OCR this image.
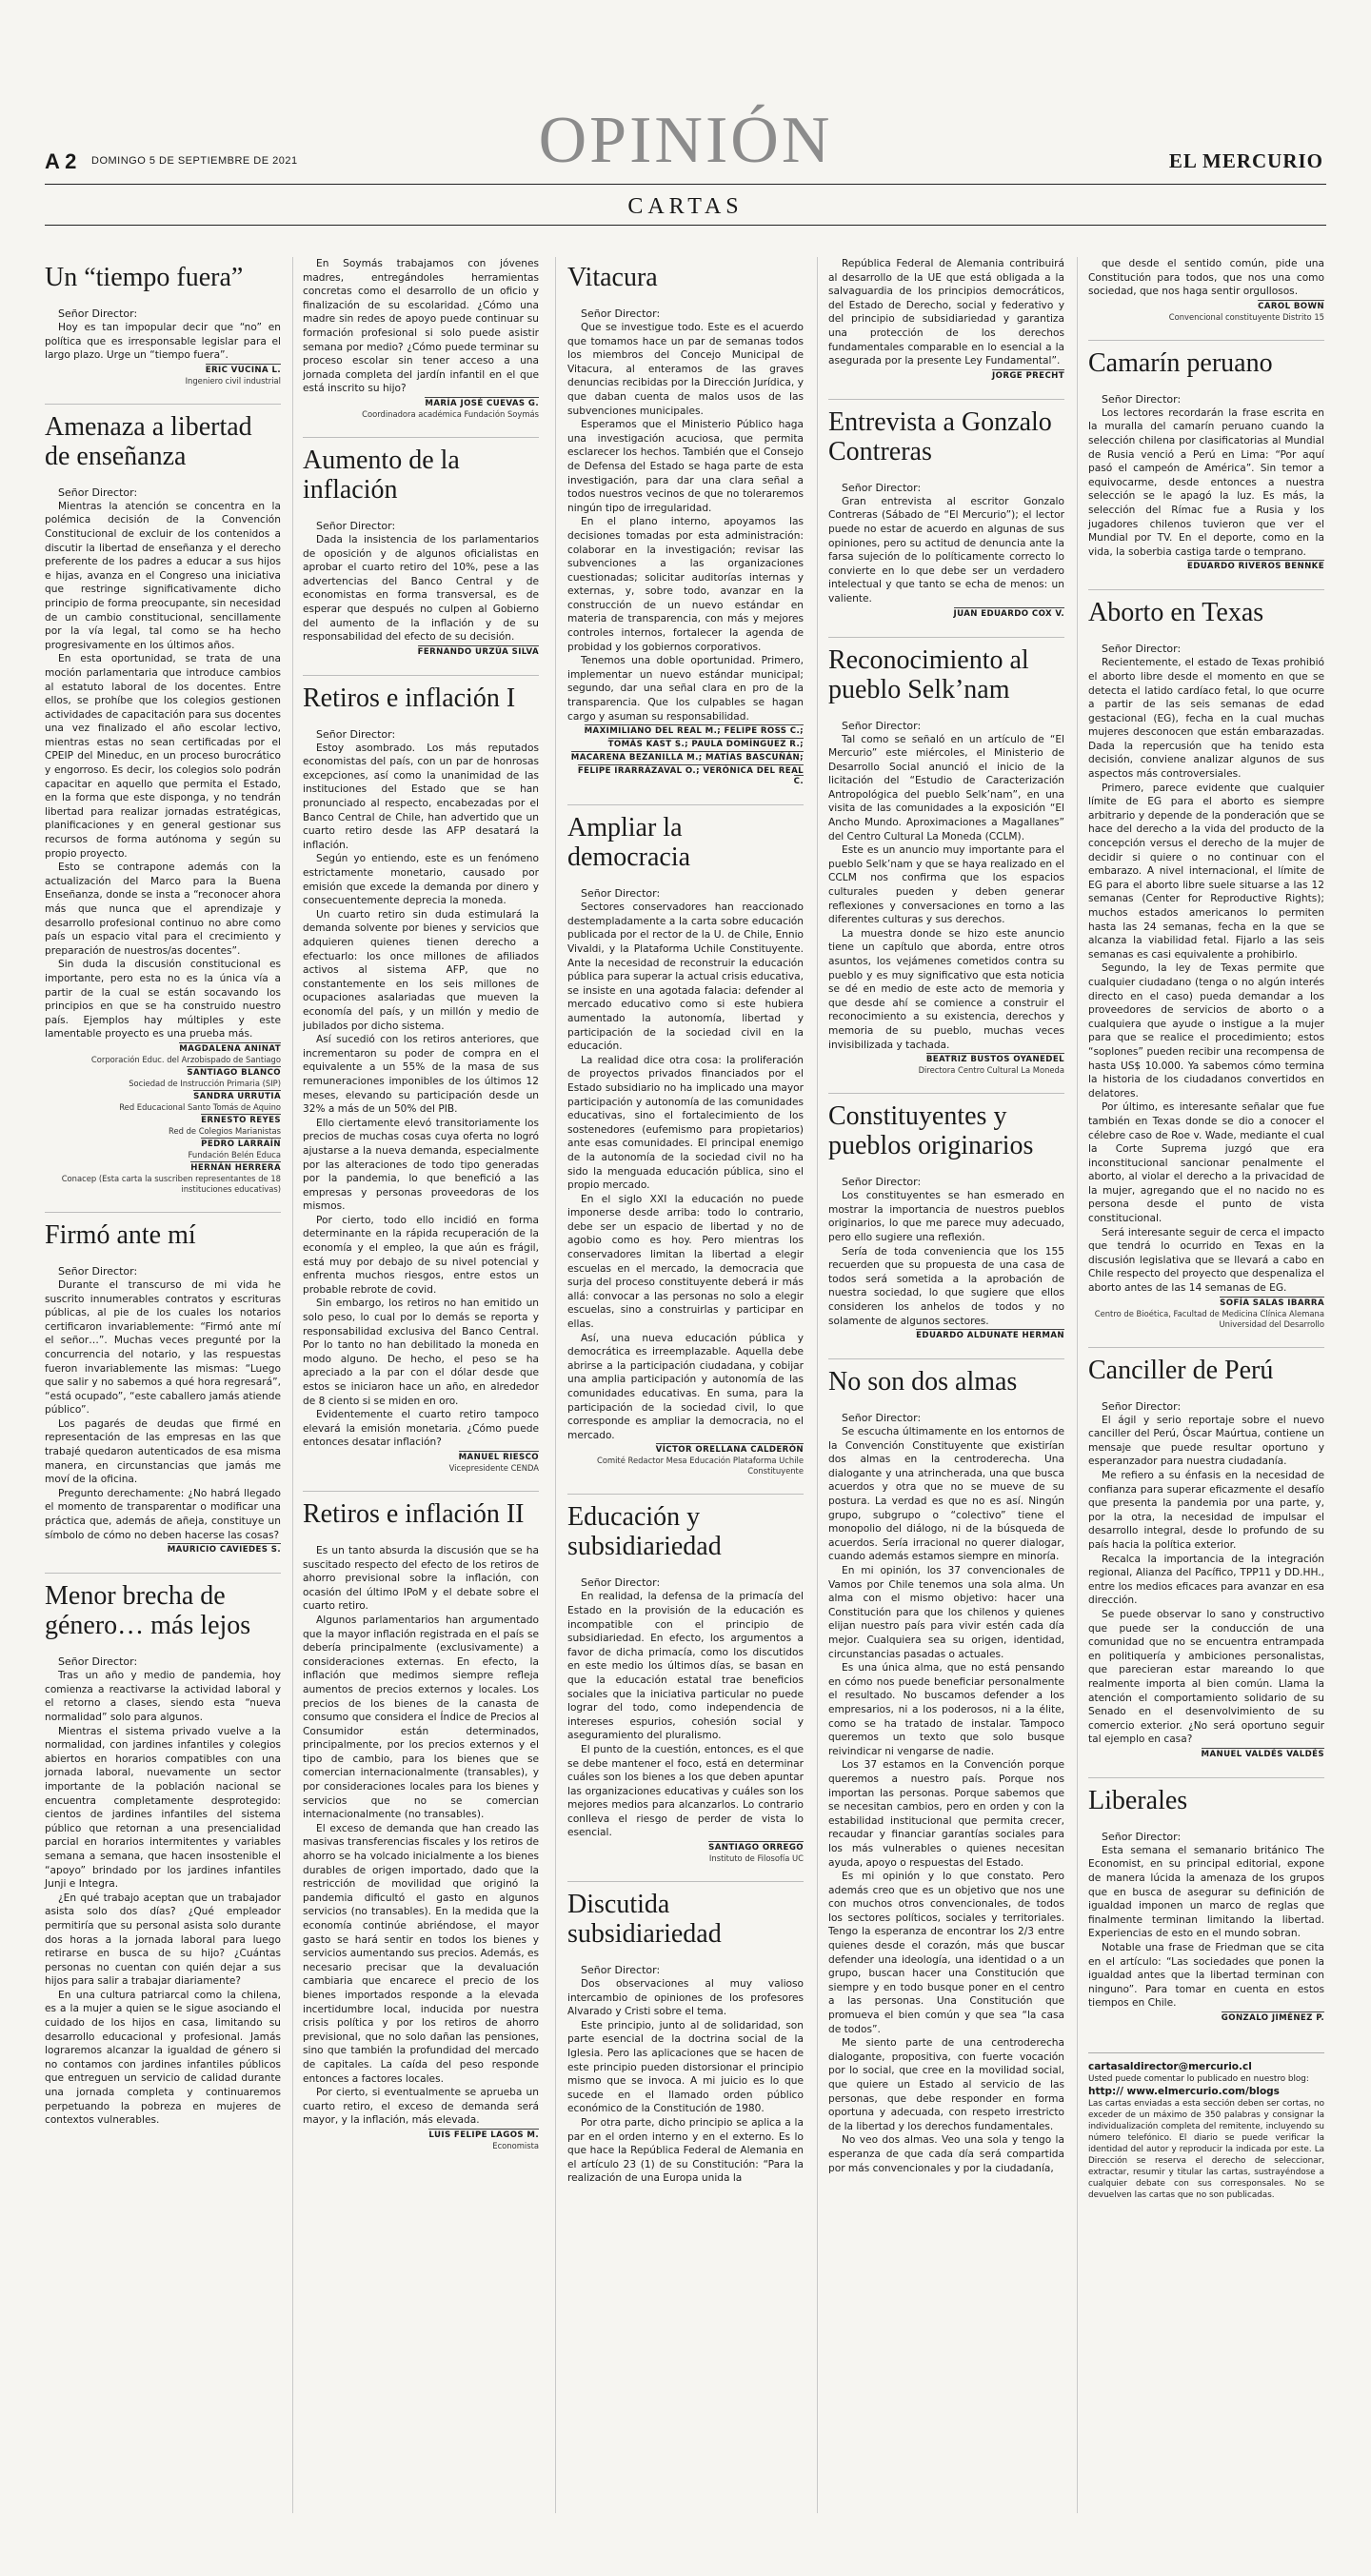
OPINIÓN
A 2 DOMINGO 5 DE SEPTIEMBRE DE 2021	EL MERCURIO
CARTAS
Un “tiempo fuera”
Señor Director:

Hoy es tan impopular decir que “no” en política que es irresponsable legislar para el largo plazo. Urge un “tiempo fuera”.

ERIC VUCINA L.
Ingeniero civil industrial
Amenaza a libertad de enseñanza
Señor Director:

Mientras la atención se concentra en la polémica decisión de la Convención Constitucional de excluir de los contenidos a discutir la libertad de enseñanza y el derecho preferente de los padres a educar a sus hijos e hijas, avanza en el Congreso una iniciativa que restringe significativamente dicho principio de forma preocupante, sin necesidad de un cambio constitucional, sencillamente por la vía legal, tal como se ha hecho progresivamente en los últimos años.

En esta oportunidad, se trata de una moción parlamentaria que introduce cambios al estatuto laboral de los docentes. Entre ellos, se prohíbe que los colegios gestionen actividades de capacitación para sus docentes una vez finalizado el año escolar lectivo, mientras estas no sean certificadas por el CPEIP del Mineduc, en un proceso burocrático y engorroso. Es decir, los colegios solo podrán capacitar en aquello que permita el Estado, en la forma que este disponga, y no tendrán libertad para realizar jornadas estratégicas, planificaciones y en general gestionar sus recursos de forma autónoma y según su propio proyecto.

Esto se contrapone además con la actualización del Marco para la Buena Enseñanza, donde se insta a “reconocer ahora más que nunca que el aprendizaje y desarrollo profesional continuo no abre como país un espacio vital para el crecimiento y preparación de nuestros/as docentes”.

Sin duda la discusión constitucional es importante, pero esta no es la única vía a partir de la cual se están socavando los principios en que se ha construido nuestro país. Ejemplos hay múltiples y este lamentable proyecto es una prueba más.

MAGDALENA ANINAT
Corporación Educ. del Arzobispado de Santiago
SANTIAGO BLANCO
Sociedad de Instrucción Primaria (SIP)
SANDRA URRUTIA
Red Educacional Santo Tomás de Aquino
ERNESTO REYES
Red de Colegios Marianistas
PEDRO LARRAÍN
Fundación Belén Educa
HERNÁN HERRERA
Conacep (Esta carta la suscriben representantes de 18 instituciones educativas)
Firmó ante mí
Señor Director:

Durante el transcurso de mi vida he suscrito innumerables contratos y escrituras públicas, al pie de los cuales los notarios certificaron invariablemente: “Firmó ante mí el señor…”. Muchas veces pregunté por la concurrencia del notario, y las respuestas fueron invariablemente las mismas: “Luego que salir y no sabemos a qué hora regresará”, “está ocupado”, “este caballero jamás atiende público”.

Los pagarés de deudas que firmé en representación de las empresas en las que trabajé quedaron autenticados de esa misma manera, en circunstancias que jamás me moví de la oficina.

Pregunto derechamente: ¿No habrá llegado el momento de transparentar o modificar una práctica que, además de añeja, constituye un símbolo de cómo no deben hacerse las cosas?

MAURICIO CAVIEDES S.
Menor brecha de género… más lejos
Señor Director:

Tras un año y medio de pandemia, hoy comienza a reactivarse la actividad laboral y el retorno a clases, siendo esta “nueva normalidad” solo para algunos.

Mientras el sistema privado vuelve a la normalidad, con jardines infantiles y colegios abiertos en horarios compatibles con una jornada laboral, nuevamente un sector importante de la población nacional se encuentra completamente desprotegido: cientos de jardines infantiles del sistema público que retornan a una presencialidad parcial en horarios intermitentes y variables semana a semana, que hacen insostenible el “apoyo” brindado por los jardines infantiles Junji e Integra.

¿En qué trabajo aceptan que un trabajador asista solo dos días? ¿Qué empleador permitiría que su personal asista solo durante dos horas a la jornada laboral para luego retirarse en busca de su hijo? ¿Cuántas personas no cuentan con quién dejar a sus hijos para salir a trabajar diariamente?

En una cultura patriarcal como la chilena, es a la mujer a quien se le sigue asociando el cuidado de los hijos en casa, limitando su desarrollo educacional y profesional. Jamás lograremos alcanzar la igualdad de género si no contamos con jardines infantiles públicos que entreguen un servicio de calidad durante una jornada completa y continuaremos perpetuando la pobreza en mujeres de contextos vulnerables.

En Soymás trabajamos con jóvenes madres, entregándoles herramientas concretas como el desarrollo de un oficio y finalización de su escolaridad. ¿Cómo una madre sin redes de apoyo puede continuar su formación profesional si solo puede asistir semana por medio? ¿Cómo puede terminar su proceso escolar sin tener acceso a una jornada completa del jardín infantil en el que está inscrito su hijo?

MARÍA JOSÉ CUEVAS G.
Coordinadora académica Fundación Soymás
Aumento de la inflación
Señor Director:

Dada la insistencia de los parlamentarios de oposición y de algunos oficialistas en aprobar el cuarto retiro del 10%, pese a las advertencias del Banco Central y de economistas en forma transversal, es de esperar que después no culpen al Gobierno del aumento de la inflación y de su responsabilidad del efecto de su decisión.

FERNANDO URZÚA SILVA
Retiros e inflación I
Señor Director:

Estoy asombrado. Los más reputados economistas del país, con un par de honrosas excepciones, así como la unanimidad de las instituciones del Estado que se han pronunciado al respecto, encabezadas por el Banco Central de Chile, han advertido que un cuarto retiro desde las AFP desatará la inflación.

Según yo entiendo, este es un fenómeno estrictamente monetario, causado por emisión que excede la demanda por dinero y consecuentemente deprecia la moneda.

Un cuarto retiro sin duda estimulará la demanda solvente por bienes y servicios que adquieren quienes tienen derecho a efectuarlo: los once millones de afiliados activos al sistema AFP, que no constantemente en los seis millones de ocupaciones asalariadas que mueven la economía del país, y un millón y medio de jubilados por dicho sistema.

Así sucedió con los retiros anteriores, que incrementaron su poder de compra en el equivalente a un 55% de la masa de sus remuneraciones imponibles de los últimos 12 meses, elevando su participación desde un 32% a más de un 50% del PIB.

Ello ciertamente elevó transitoriamente los precios de muchas cosas cuya oferta no logró ajustarse a la nueva demanda, especialmente por las alteraciones de todo tipo generadas por la pandemia, lo que benefició a las empresas y personas proveedoras de los mismos.

Por cierto, todo ello incidió en forma determinante en la rápida recuperación de la economía y el empleo, la que aún es frágil, está muy por debajo de su nivel potencial y enfrenta muchos riesgos, entre estos un probable rebrote de covid.

Sin embargo, los retiros no han emitido un solo peso, lo cual por lo demás se reporta y responsabilidad exclusiva del Banco Central. Por lo tanto no han debilitado la moneda en modo alguno. De hecho, el peso se ha apreciado a la par con el dólar desde que estos se iniciaron hace un año, en alrededor de 8 ciento si se miden en oro.

Evidentemente el cuarto retiro tampoco elevará la emisión monetaria. ¿Cómo puede entonces desatar inflación?

MANUEL RIESCO
Vicepresidente CENDA
Retiros e inflación II

Es un tanto absurda la discusión que se ha suscitado respecto del efecto de los retiros de ahorro previsional sobre la inflación, con ocasión del último IPoM y el debate sobre el cuarto retiro.

Algunos parlamentarios han argumentado que la mayor inflación registrada en el país se debería principalmente (exclusivamente) a consideraciones externas. En efecto, la inflación que medimos siempre refleja aumentos de precios externos y locales. Los precios de los bienes de la canasta de consumo que considera el Índice de Precios al Consumidor están determinados, principalmente, por los precios externos y el tipo de cambio, para los bienes que se comercian internacionalmente (transables), y por consideraciones locales para los bienes y servicios que no se comercian internacionalmente (no transables).

El exceso de demanda que han creado las masivas transferencias fiscales y los retiros de ahorro se ha volcado inicialmente a los bienes durables de origen importado, dado que la restricción de movilidad que originó la pandemia dificultó el gasto en algunos servicios (no transables). En la medida que la economía continúe abriéndose, el mayor gasto se hará sentir en todos los bienes y servicios aumentando sus precios. Además, es necesario precisar que la devaluación cambiaria que encarece el precio de los bienes importados responde a la elevada incertidumbre local, inducida por nuestra crisis política y por los retiros de ahorro previsional, que no solo dañan las pensiones, sino que también la profundidad del mercado de capitales. La caída del peso responde entonces a factores locales.

Por cierto, si eventualmente se aprueba un cuarto retiro, el exceso de demanda será mayor, y la inflación, más elevada.

LUIS FELIPE LAGOS M.
Economista
Vitacura
Señor Director:

Que se investigue todo. Este es el acuerdo que tomamos hace un par de semanas todos los miembros del Concejo Municipal de Vitacura, al enteramos de las graves denuncias recibidas por la Dirección Jurídica, y que daban cuenta de malos usos de las subvenciones municipales.

Esperamos que el Ministerio Público haga una investigación acuciosa, que permita esclarecer los hechos. También que el Consejo de Defensa del Estado se haga parte de esta investigación, para dar una clara señal a todos nuestros vecinos de que no toleraremos ningún tipo de irregularidad.

En el plano interno, apoyamos las decisiones tomadas por esta administración: colaborar en la investigación; revisar las subvenciones a las organizaciones cuestionadas; solicitar auditorías internas y externas, y, sobre todo, avanzar en la construcción de un nuevo estándar en materia de transparencia, con más y mejores controles internos, fortalecer la agenda de probidad y los gobiernos corporativos.

Tenemos una doble oportunidad. Primero, implementar un nuevo estándar municipal; segundo, dar una señal clara en pro de la transparencia. Que los culpables se hagan cargo y asuman su responsabilidad.

MAXIMILIANO DEL REAL M.; FELIPE ROSS C.;
TOMÁS KAST S.; PAULA DOMÍNGUEZ R.;
MACARENA BEZANILLA M.; MATÍAS BASCUÑÁN;
FELIPE IRARRÁZAVAL O.; VERÓNICA DEL REAL C.
Ampliar la democracia
Señor Director:

Sectores conservadores han reaccionado destempladamente a la carta sobre educación publicada por el rector de la U. de Chile, Ennio Vivaldi, y la Plataforma Uchile Constituyente. Ante la necesidad de reconstruir la educación pública para superar la actual crisis educativa, se insiste en una agotada falacia: defender al mercado educativo como si este hubiera aumentado la autonomía, libertad y participación de la sociedad civil en la educación.

La realidad dice otra cosa: la proliferación de proyectos privados financiados por el Estado subsidiario no ha implicado una mayor participación y autonomía de las comunidades educativas, sino el fortalecimiento de los sostenedores (eufemismo para propietarios) ante esas comunidades. El principal enemigo de la autonomía de la sociedad civil no ha sido la menguada educación pública, sino el propio mercado.

En el siglo XXI la educación no puede imponerse desde arriba: todo lo contrario, debe ser un espacio de libertad y no de agobio como es hoy. Pero mientras los conservadores limitan la libertad a elegir escuelas en el mercado, la democracia que surja del proceso constituyente deberá ir más allá: convocar a las personas no solo a elegir escuelas, sino a construirlas y participar en ellas.

Así, una nueva educación pública y democrática es irreemplazable. Aquella debe abrirse a la participación ciudadana, y cobijar una amplia participación y autonomía de las comunidades educativas. En suma, para la participación de la sociedad civil, lo que corresponde es ampliar la democracia, no el mercado.

VÍCTOR ORELLANA CALDERÓN
Comité Redactor Mesa Educación Plataforma Uchile Constituyente
Educación y subsidiariedad
Señor Director:

En realidad, la defensa de la primacía del Estado en la provisión de la educación es incompatible con el principio de subsidiariedad. En efecto, los argumentos a favor de dicha primacía, como los discutidos en este medio los últimos días, se basan en que la educación estatal trae beneficios sociales que la iniciativa particular no puede lograr del todo, como independencia de intereses espurios, cohesión social y aseguramiento del pluralismo.

El punto de la cuestión, entonces, es el que se debe mantener el foco, está en determinar cuáles son los bienes a los que deben apuntar las organizaciones educativas y cuáles son los mejores medios para alcanzarlos. Lo contrario conlleva el riesgo de perder de vista lo esencial.

SANTIAGO ORREGO
Instituto de Filosofía UC
Discutida subsidiariedad
Señor Director:

Dos observaciones al muy valioso intercambio de opiniones de los profesores Alvarado y Cristi sobre el tema.

Este principio, junto al de solidaridad, son parte esencial de la doctrina social de la Iglesia. Pero las aplicaciones que se hacen de este principio pueden distorsionar el principio mismo que se invoca. A mi juicio es lo que sucede en el llamado orden público económico de la Constitución de 1980.

Por otra parte, dicho principio se aplica a la par en el orden interno y en el externo. Es lo que hace la República Federal de Alemania en el artículo 23 (1) de su Constitución: “Para la realización de una Europa unida la

República Federal de Alemania contribuirá al desarrollo de la UE que está obligada a la salvaguardia de los principios democráticos, del Estado de Derecho, social y federativo y del principio de subsidiariedad y garantiza una protección de los derechos fundamentales comparable en lo esencial a la asegurada por la presente Ley Fundamental”.

JORGE PRECHT
Entrevista a Gonzalo Contreras
Señor Director:

Gran entrevista al escritor Gonzalo Contreras (Sábado de “El Mercurio”); el lector puede no estar de acuerdo en algunas de sus opiniones, pero su actitud de denuncia ante la farsa sujeción de lo políticamente correcto lo convierte en lo que debe ser un verdadero intelectual y que tanto se echa de menos: un valiente.

JUAN EDUARDO COX V.
Reconocimiento al pueblo Selk’nam
Señor Director:

Tal como se señaló en un artículo de “El Mercurio” este miércoles, el Ministerio de Desarrollo Social anunció el inicio de la licitación del “Estudio de Caracterización Antropológica del pueblo Selk’nam”, en una visita de las comunidades a la exposición “El Ancho Mundo. Aproximaciones a Magallanes” del Centro Cultural La Moneda (CCLM).

Este es un anuncio muy importante para el pueblo Selk’nam y que se haya realizado en el CCLM nos confirma que los espacios culturales pueden y deben generar reflexiones y conversaciones en torno a las diferentes culturas y sus derechos.

La muestra donde se hizo este anuncio tiene un capítulo que aborda, entre otros asuntos, los vejámenes cometidos contra su pueblo y es muy significativo que esta noticia se dé en medio de este acto de memoria y que desde ahí se comience a construir el reconocimiento a su existencia, derechos y memoria de su pueblo, muchas veces invisibilizada y tachada.

BEATRIZ BUSTOS OYANEDEL
Directora Centro Cultural La Moneda
Constituyentes y pueblos originarios
Señor Director:

Los constituyentes se han esmerado en mostrar la importancia de nuestros pueblos originarios, lo que me parece muy adecuado, pero ello sugiere una reflexión.

Sería de toda conveniencia que los 155 recuerden que su propuesta de una casa de todos será sometida a la aprobación de nuestra sociedad, lo que sugiere que ellos consideren los anhelos de todos y no solamente de algunos sectores.

EDUARDO ALDUNATE HERMAN
No son dos almas
Señor Director:

Se escucha últimamente en los entornos de la Convención Constituyente que existirían dos almas en la centroderecha. Una dialogante y una atrincherada, una que busca acuerdos y otra que no se mueve de su postura. La verdad es que no es así. Ningún grupo, subgrupo o “colectivo” tiene el monopolio del diálogo, ni de la búsqueda de acuerdos. Sería irracional no querer dialogar, cuando además estamos siempre en minoría.

En mi opinión, los 37 convencionales de Vamos por Chile tenemos una sola alma. Un alma con el mismo objetivo: hacer una Constitución para que los chilenos y quienes elijan nuestro país para vivir estén cada día mejor. Cualquiera sea su origen, identidad, circunstancias pasadas o actuales.

Es una única alma, que no está pensando en cómo nos puede beneficiar personalmente el resultado. No buscamos defender a los empresarios, ni a los poderosos, ni a la élite, como se ha tratado de instalar. Tampoco queremos un texto que solo busque reivindicar ni vengarse de nadie.

Los 37 estamos en la Convención porque queremos a nuestro país. Porque nos importan las personas. Porque sabemos que se necesitan cambios, pero en orden y con la estabilidad institucional que permita crecer, recaudar y financiar garantías sociales para los más vulnerables o quienes necesitan ayuda, apoyo o respuestas del Estado.

Es mi opinión y lo que constato. Pero además creo que es un objetivo que nos une con muchos otros convencionales, de todos los sectores políticos, sociales y territoriales. Tengo la esperanza de encontrar los 2/3 entre quienes desde el corazón, más que buscar defender una ideología, una identidad o a un grupo, buscan hacer una Constitución que siempre y en todo busque poner en el centro a las personas. Una Constitución que promueva el bien común y que sea “la casa de todos”.

Me siento parte de una centroderecha dialogante, propositiva, con fuerte vocación por lo social, que cree en la movilidad social, que quiere un Estado al servicio de las personas, que debe responder en forma oportuna y adecuada, con respeto irrestricto de la libertad y los derechos fundamentales.

No veo dos almas. Veo una sola y tengo la esperanza de que cada día será compartida por más convencionales y por la ciudadanía,

que desde el sentido común, pide una Constitución para todos, que nos una como sociedad, que nos haga sentir orgullosos.

CAROL BOWN
Convencional constituyente Distrito 15
Camarín peruano
Señor Director:

Los lectores recordarán la frase escrita en la muralla del camarín peruano cuando la selección chilena por clasificatorias al Mundial de Rusia venció a Perú en Lima: “Por aquí pasó el campeón de América”. Sin temor a equivocarme, desde entonces a nuestra selección se le apagó la luz. Es más, la selección del Rímac fue a Rusia y los jugadores chilenos tuvieron que ver el Mundial por TV. En el deporte, como en la vida, la soberbia castiga tarde o temprano.

EDUARDO RIVEROS BENNKE
Aborto en Texas
Señor Director:

Recientemente, el estado de Texas prohibió el aborto libre desde el momento en que se detecta el latido cardíaco fetal, lo que ocurre a partir de las seis semanas de edad gestacional (EG), fecha en la cual muchas mujeres desconocen que están embarazadas. Dada la repercusión que ha tenido esta decisión, conviene analizar algunos de sus aspectos más controversiales.

Primero, parece evidente que cualquier límite de EG para el aborto es siempre arbitrario y depende de la ponderación que se hace del derecho a la vida del producto de la concepción versus el derecho de la mujer de decidir si quiere o no continuar con el embarazo. A nivel internacional, el límite de EG para el aborto libre suele situarse a las 12 semanas (Center for Reproductive Rights); muchos estados americanos lo permiten hasta las 24 semanas, fecha en la que se alcanza la viabilidad fetal. Fijarlo a las seis semanas es casi equivalente a prohibirlo.

Segundo, la ley de Texas permite que cualquier ciudadano (tenga o no algún interés directo en el caso) pueda demandar a los proveedores de servicios de aborto o a cualquiera que ayude o instigue a la mujer para que se realice el procedimiento; estos “soplones” pueden recibir una recompensa de hasta US$ 10.000. Ya sabemos cómo termina la historia de los ciudadanos convertidos en delatores.

Por último, es interesante señalar que fue también en Texas donde se dio a conocer el célebre caso de Roe v. Wade, mediante el cual la Corte Suprema juzgó que era inconstitucional sancionar penalmente el aborto, al violar el derecho a la privacidad de la mujer, agregando que el no nacido no es persona desde el punto de vista constitucional.

Será interesante seguir de cerca el impacto que tendrá lo ocurrido en Texas en la discusión legislativa que se llevará a cabo en Chile respecto del proyecto que despenaliza el aborto antes de las 14 semanas de EG.

SOFÍA SALAS IBARRA
Centro de Bioética, Facultad de Medicina Clínica Alemana Universidad del Desarrollo
Canciller de Perú
Señor Director:

El ágil y serio reportaje sobre el nuevo canciller del Perú, Óscar Maúrtua, contiene un mensaje que puede resultar oportuno y esperanzador para nuestra ciudadanía.

Me refiero a su énfasis en la necesidad de confianza para superar eficazmente el desafío que presenta la pandemia por una parte, y, por la otra, la necesidad de impulsar el desarrollo integral, desde lo profundo de su país hacia la política exterior.

Recalca la importancia de la integración regional, Alianza del Pacífico, TPP11 y DD.HH., entre los medios eficaces para avanzar en esa dirección.

Se puede observar lo sano y constructivo que puede ser la conducción de una comunidad que no se encuentra entrampada en politiquería y ambiciones personalistas, que parecieran estar mareando lo que realmente importa al bien común. Llama la atención el comportamiento solidario de su Senado en el desenvolvimiento de su comercio exterior. ¿No será oportuno seguir tal ejemplo en casa?

MANUEL VALDÉS VALDÉS
Liberales
Señor Director:

Esta semana el semanario británico The Economist, en su principal editorial, expone de manera lúcida la amenaza de los grupos que en busca de asegurar su definición de igualdad imponen un marco de reglas que finalmente terminan limitando la libertad. Experiencias de esto en el mundo sobran.

Notable una frase de Friedman que se cita en el artículo: “Las sociedades que ponen la igualdad antes que la libertad terminan con ninguno”. Para tomar en cuenta en estos tiempos en Chile.

GONZALO JIMÉNEZ P.
cartasaldirector@mercurio.cl
Usted puede comentar lo publicado en nuestro blog:
http:// www.elmercurio.com/blogs
Las cartas enviadas a esta sección deben ser cortas, no exceder de un máximo de 350 palabras y consignar la individualización completa del remitente, incluyendo su número telefónico. El diario se puede verificar la identidad del autor y reproducir la indicada por este. La Dirección se reserva el derecho de seleccionar, extractar, resumir y titular las cartas, sustrayéndose a cualquier debate con sus corresponsales. No se devuelven las cartas que no son publicadas.
